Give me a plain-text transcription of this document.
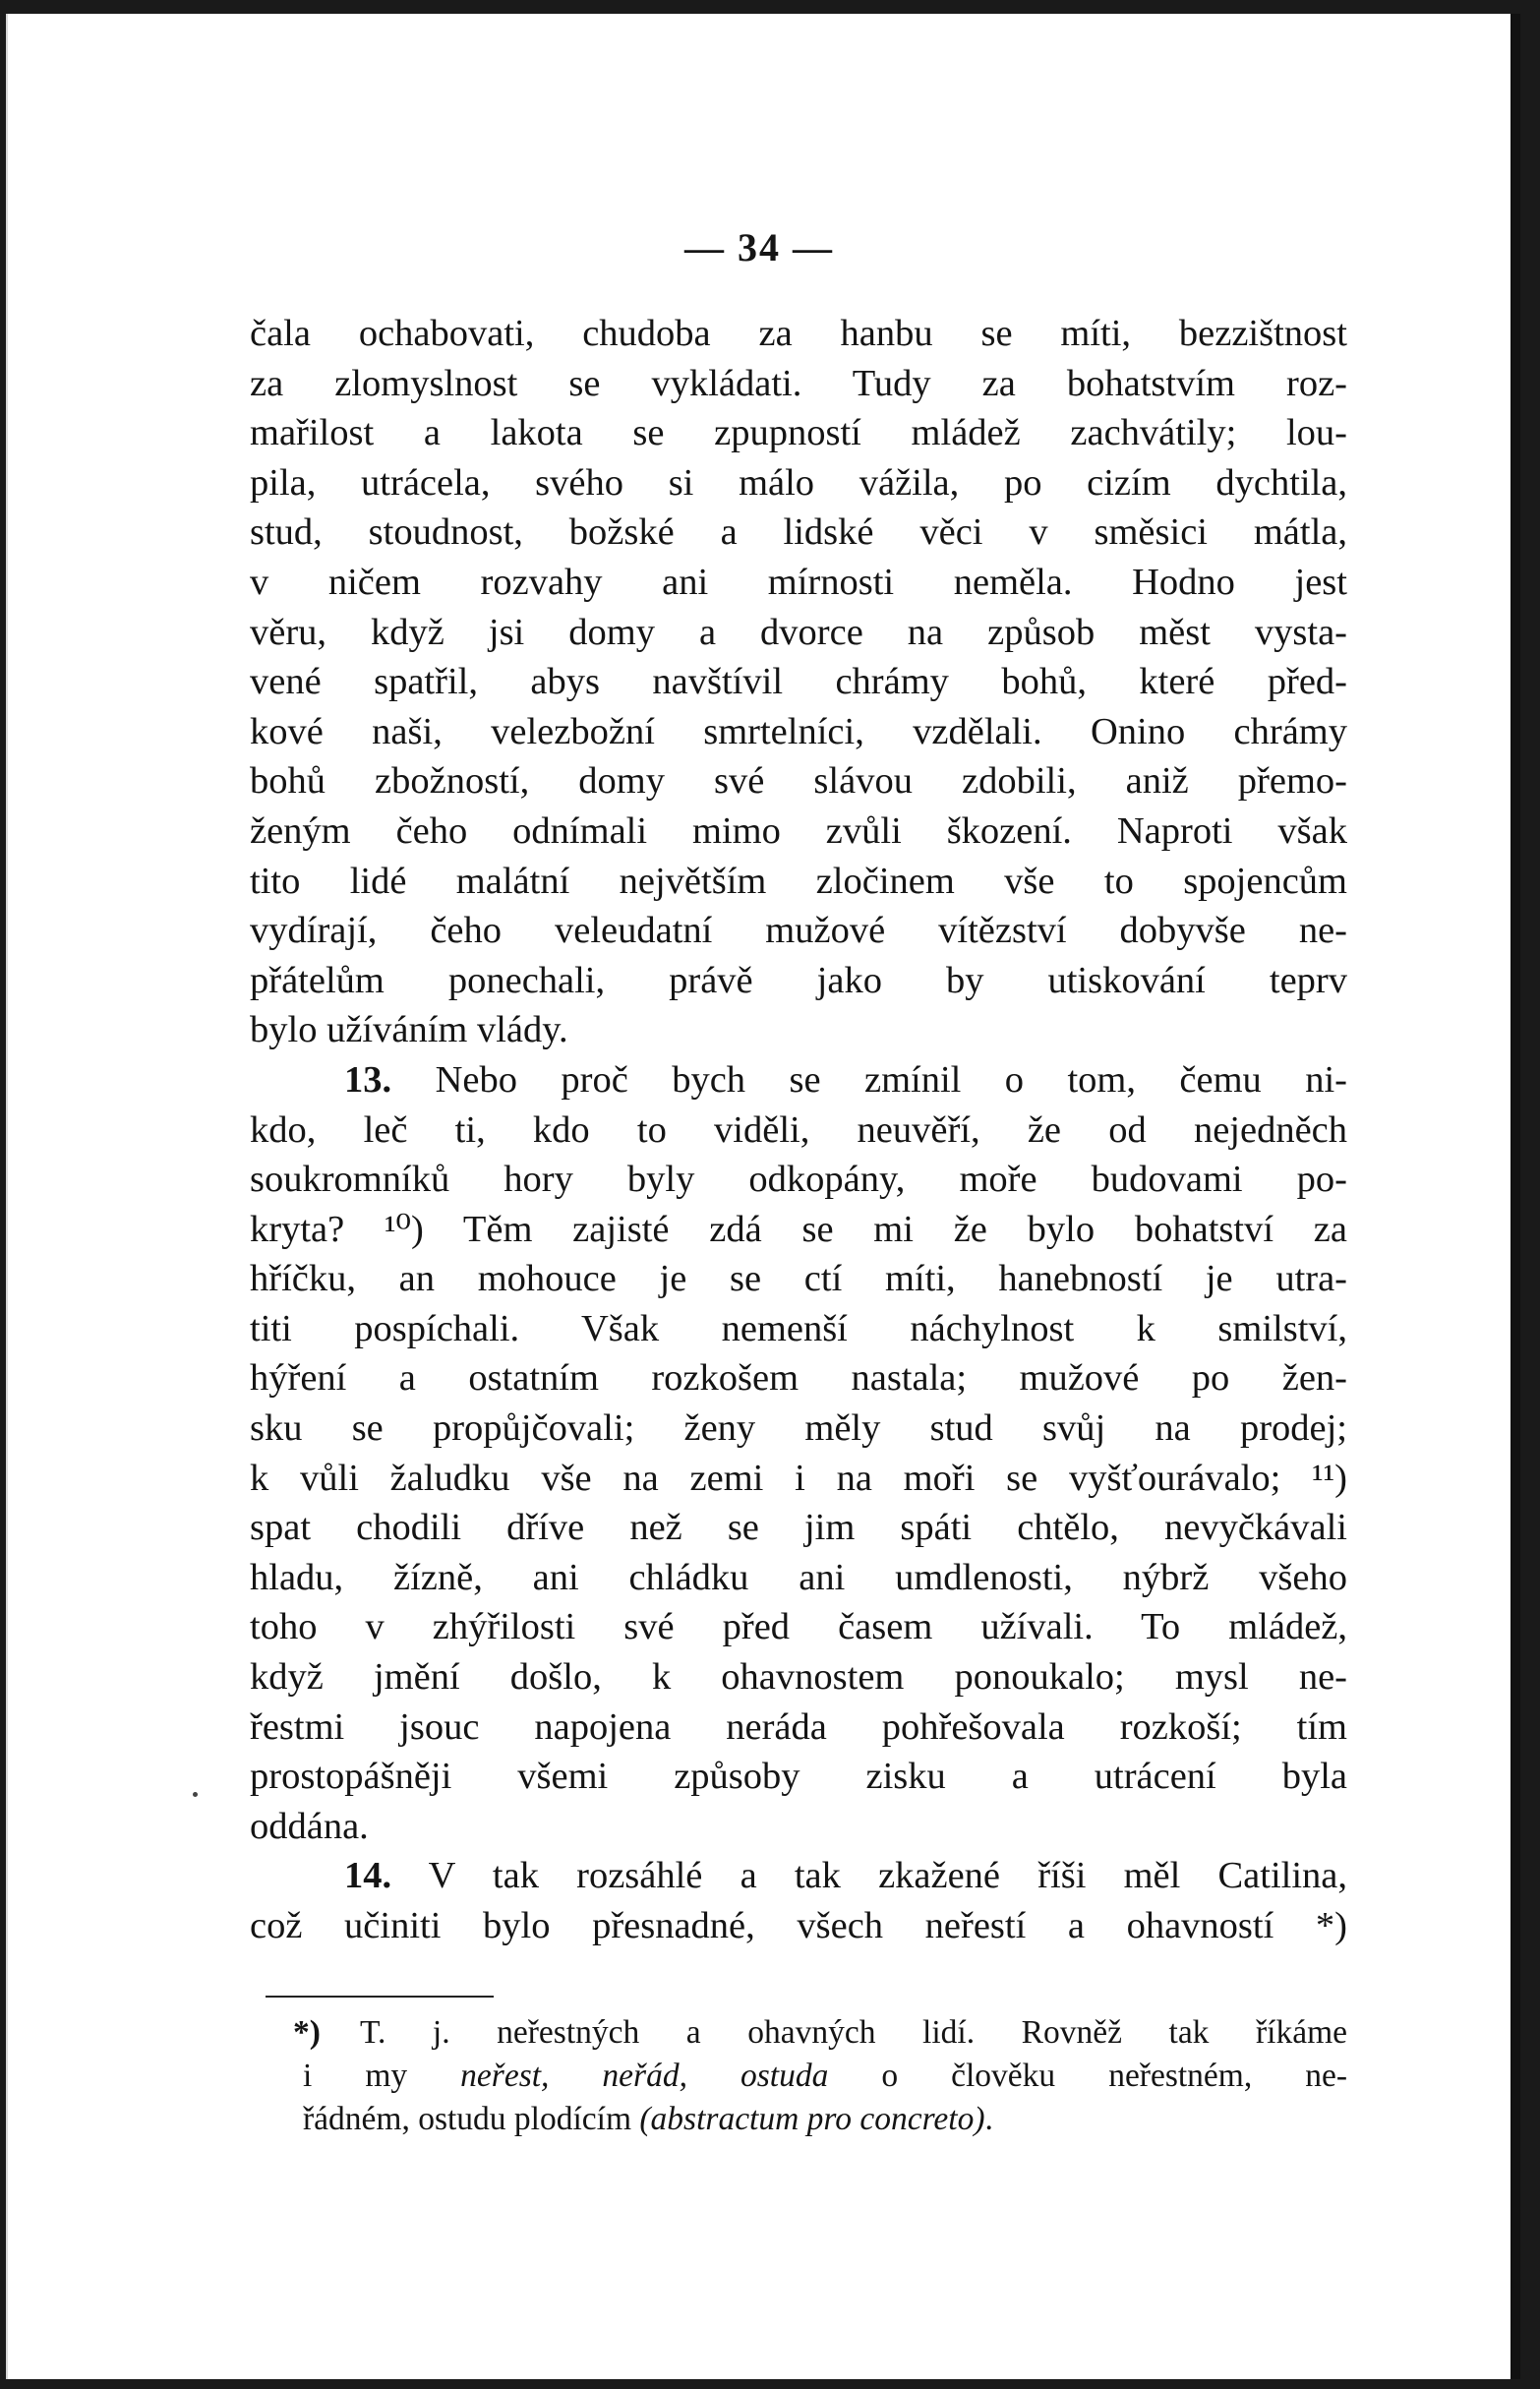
— 34 —
čala ochabovati, chudoba za hanbu se míti, bezzištnost
za zlomyslnost se vykládati. Tudy za bohatstvím roz-
mařilost a lakota se zpupností mládež zachvátily; lou-
pila, utrácela, svého si málo vážila, po cizím dychtila,
stud, stoudnost, božské a lidské věci v směsici mátla,
v ničem rozvahy ani mírnosti neměla. Hodno jest
věru, když jsi domy a dvorce na způsob měst vysta-
vené spatřil, abys navštívil chrámy bohů, které před-
kové naši, velezbožní smrtelníci, vzdělali. Onino chrámy
bohů zbožností, domy své slávou zdobili, aniž přemo-
ženým čeho odnímali mimo zvůli škození. Naproti však
tito lidé malátní největším zločinem vše to spojencům
vydírají, čeho veleudatní mužové vítězství dobyvše ne-
přátelům ponechali, právě jako by utiskování teprv
bylo užíváním vlády.
13. Nebo proč bych se zmínil o tom, čemu ni-
kdo, leč ti, kdo to viděli, neuvěří, že od nejedněch
soukromníků hory byly odkopány, moře budovami po-
kryta? ¹⁰) Těm zajisté zdá se mi že bylo bohatství za
hříčku, an mohouce je se ctí míti, hanebností je utra-
titi pospíchali. Však nemenší náchylnost k smilství,
hýření a ostatním rozkošem nastala; mužové po žen-
sku se propůjčovali; ženy měly stud svůj na prodej;
k vůli žaludku vše na zemi i na moři se vyšťourávalo; ¹¹)
spat chodili dříve než se jim spáti chtělo, nevyčkávali
hladu, žízně, ani chládku ani umdlenosti, nýbrž všeho
toho v zhýřilosti své před časem užívali. To mládež,
když jmění došlo, k ohavnostem ponoukalo; mysl ne-
řestmi jsouc napojena neráda pohřešovala rozkoší; tím
prostopášněji všemi způsoby zisku a utrácení byla
oddána.
14. V tak rozsáhlé a tak zkažené říši měl Catilina,
což učiniti bylo přesnadné, všech neřestí a ohavností *)
*)	T. j. neřestných a ohavných lidí. Rovněž tak říkáme
i my neřest, neřád, ostuda o člověku neřestném, ne-
řádném, ostudu plodícím (abstractum pro concreto).
